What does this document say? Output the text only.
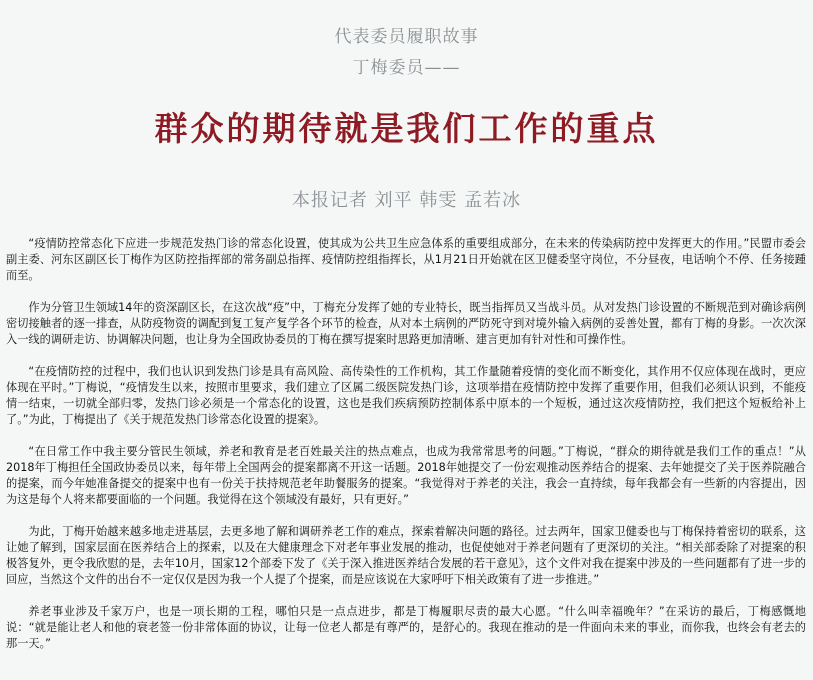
代表委员履职故事
丁梅委员——
群众的期待就是我们工作的重点
本报记者 刘平 韩雯 孟若冰

“疫情防控常态化下应进一步规范发热门诊的常态化设置，使其成为公共卫生应急体系的重要组成部分，在未来的传染病防控中发挥更大的作用。”民盟市委会副主委、河东区副区长丁梅作为区防控指挥部的常务副总指挥、疫情防控组指挥长，从1月21日开始就在区卫健委坚守岗位，不分昼夜，电话响个不停、任务接踵而至。

作为分管卫生领域14年的资深副区长，在这次战“疫”中，丁梅充分发挥了她的专业特长，既当指挥员又当战斗员。从对发热门诊设置的不断规范到对确诊病例密切接触者的逐一排查，从防疫物资的调配到复工复产复学各个环节的检查，从对本土病例的严防死守到对境外输入病例的妥善处置，都有丁梅的身影。一次次深入一线的调研走访、协调解决问题，也让身为全国政协委员的丁梅在撰写提案时思路更加清晰、建言更加有针对性和可操作性。

“在疫情防控的过程中，我们也认识到发热门诊是具有高风险、高传染性的工作机构，其工作量随着疫情的变化而不断变化，其作用不仅应体现在战时，更应体现在平时。”丁梅说，“疫情发生以来，按照市里要求，我们建立了区属二级医院发热门诊，这项举措在疫情防控中发挥了重要作用，但我们必须认识到，不能疫情一结束，一切就全部归零，发热门诊必须是一个常态化的设置，这也是我们疾病预防控制体系中原本的一个短板，通过这次疫情防控，我们把这个短板给补上了。”为此，丁梅提出了《关于规范发热门诊常态化设置的提案》。

“在日常工作中我主要分管民生领域，养老和教育是老百姓最关注的热点难点，也成为我常常思考的问题。”丁梅说，“群众的期待就是我们工作的重点！”从2018年丁梅担任全国政协委员以来，每年带上全国两会的提案都离不开这一话题。2018年她提交了一份宏观推动医养结合的提案、去年她提交了关于医养院融合的提案，而今年她准备提交的提案中也有一份关于扶持规范老年助餐服务的提案。“我觉得对于养老的关注，我会一直持续，每年我都会有一些新的内容提出，因为这是每个人将来都要面临的一个问题。我觉得在这个领域没有最好，只有更好。”

为此，丁梅开始越来越多地走进基层，去更多地了解和调研养老工作的难点，探索着解决问题的路径。过去两年，国家卫健委也与丁梅保持着密切的联系，这让她了解到，国家层面在医养结合上的探索，以及在大健康理念下对老年事业发展的推动，也促使她对于养老问题有了更深切的关注。“相关部委除了对提案的积极答复外，更令我欣慰的是，去年10月，国家12个部委下发了《关于深入推进医养结合发展的若干意见》，这个文件对我在提案中涉及的一些问题都有了进一步的回应，当然这个文件的出台不一定仅仅是因为我一个人提了个提案，而是应该说在大家呼吁下相关政策有了进一步推进。”

养老事业涉及千家万户，也是一项长期的工程，哪怕只是一点点进步，都是丁梅履职尽责的最大心愿。“什么叫幸福晚年？”在采访的最后，丁梅感慨地说：“就是能让老人和他的衰老签一份非常体面的协议，让每一位老人都是有尊严的，是舒心的。我现在推动的是一件面向未来的事业，而你我，也终会有老去的那一天。”
